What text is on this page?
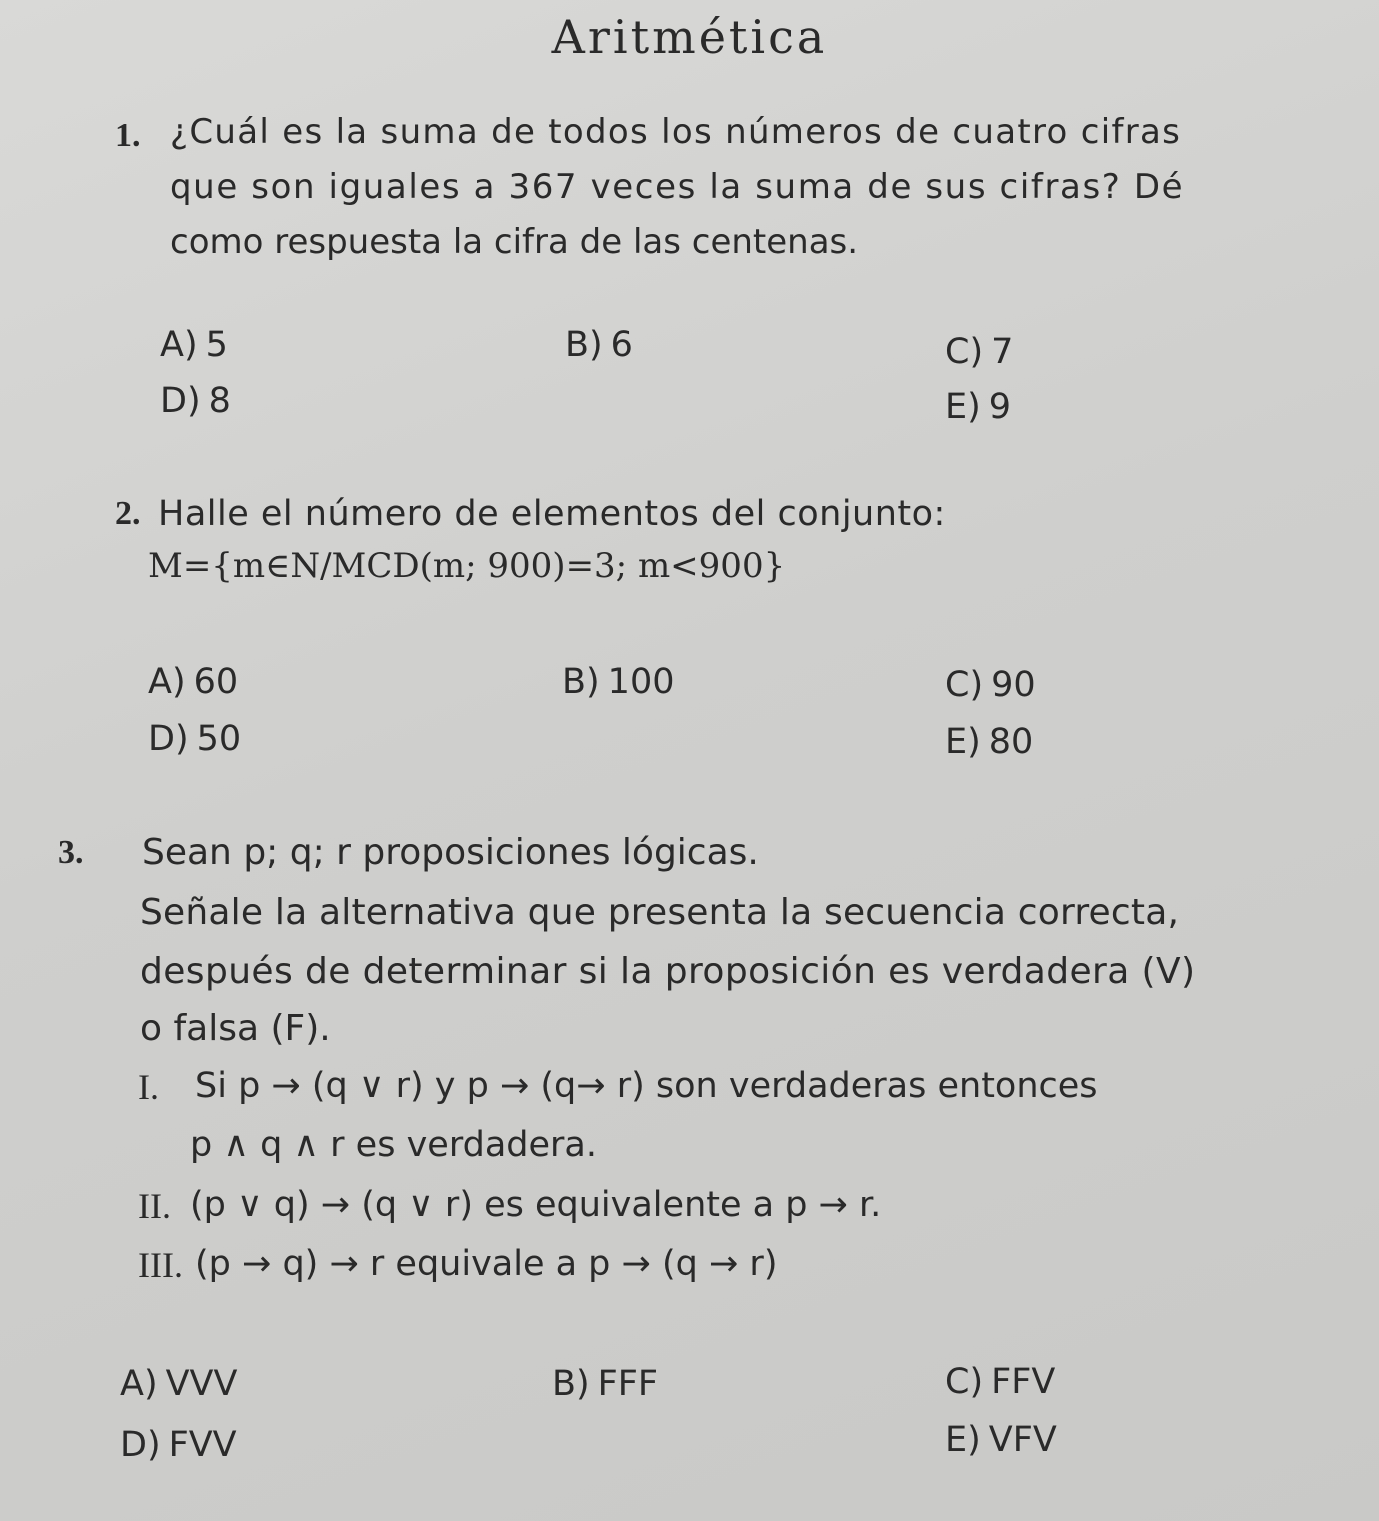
Aritmética
1. ¿Cuál es la suma de todos los números de cuatro cifras
que son iguales a 367 veces la suma de sus cifras? Dé
como respuesta la cifra de las centenas.
A) 5	B) 6	C) 7
D) 8	E) 9
2. Halle el número de elementos del conjunto:
M={m∈N/MCD(m; 900)=3; m<900}
A) 60	B) 100	C) 90
D) 50	E) 80
3. Sean p; q; r proposiciones lógicas.
Señale la alternativa que presenta la secuencia correcta,
después de determinar si la proposición es verdadera (V)
o falsa (F).
I. Si p → (q ∨ r) y p → (q→ r) son verdaderas entonces
p ∧ q ∧ r es verdadera.
II. (p ∨ q) → (q ∨ r) es equivalente a p → r.
III. (p → q) → r equivale a p → (q → r)
A) VVV	B) FFF	C) FFV
D) FVV	E) VFV
